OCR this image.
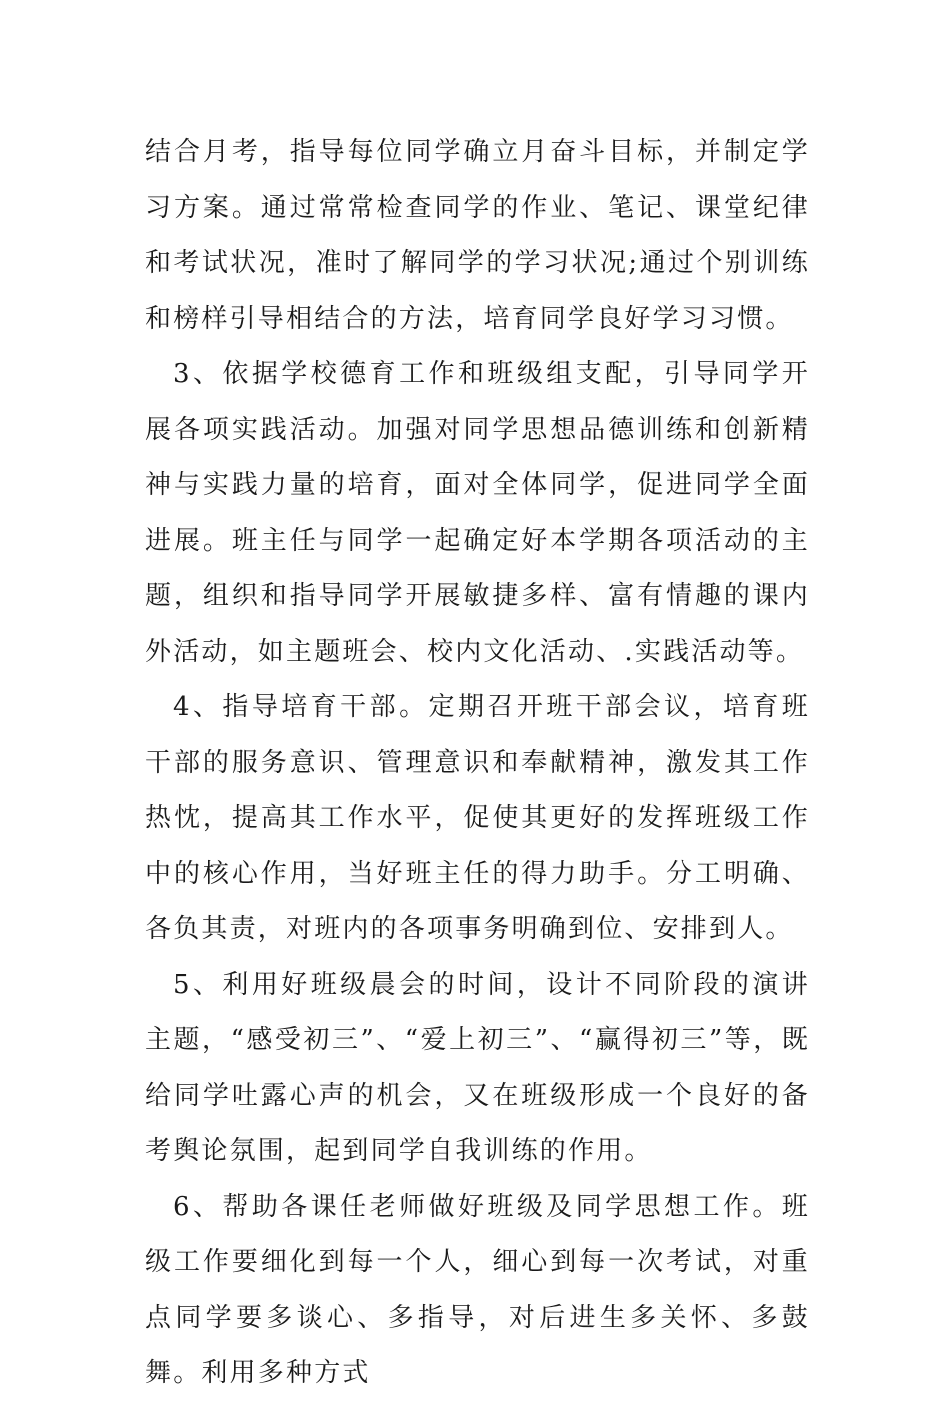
结合月考，指导每位同学确立月奋斗目标，并制定学习方案。通过常常检查同学的作业、笔记、课堂纪律和考试状况，准时了解同学的学习状况;通过个别训练和榜样引导相结合的方法，培育同学良好学习习惯。

3、依据学校德育工作和班级组支配，引导同学开展各项实践活动。加强对同学思想品德训练和创新精神与实践力量的培育，面对全体同学，促进同学全面进展。班主任与同学一起确定好本学期各项活动的主题，组织和指导同学开展敏捷多样、富有情趣的课内外活动，如主题班会、校内文化活动、.实践活动等。

4、指导培育干部。定期召开班干部会议，培育班干部的服务意识、管理意识和奉献精神，激发其工作热忱，提高其工作水平，促使其更好的发挥班级工作中的核心作用，当好班主任的得力助手。分工明确、各负其责，对班内的各项事务明确到位、安排到人。

5、利用好班级晨会的时间，设计不同阶段的演讲主题，“感受初三”、“爱上初三”、“赢得初三”等，既给同学吐露心声的机会，又在班级形成一个良好的备考舆论氛围，起到同学自我训练的作用。

6、帮助各课任老师做好班级及同学思想工作。班级工作要细化到每一个人，细心到每一次考试，对重点同学要多谈心、多指导，对后进生多关怀、多鼓舞。利用多种方式
